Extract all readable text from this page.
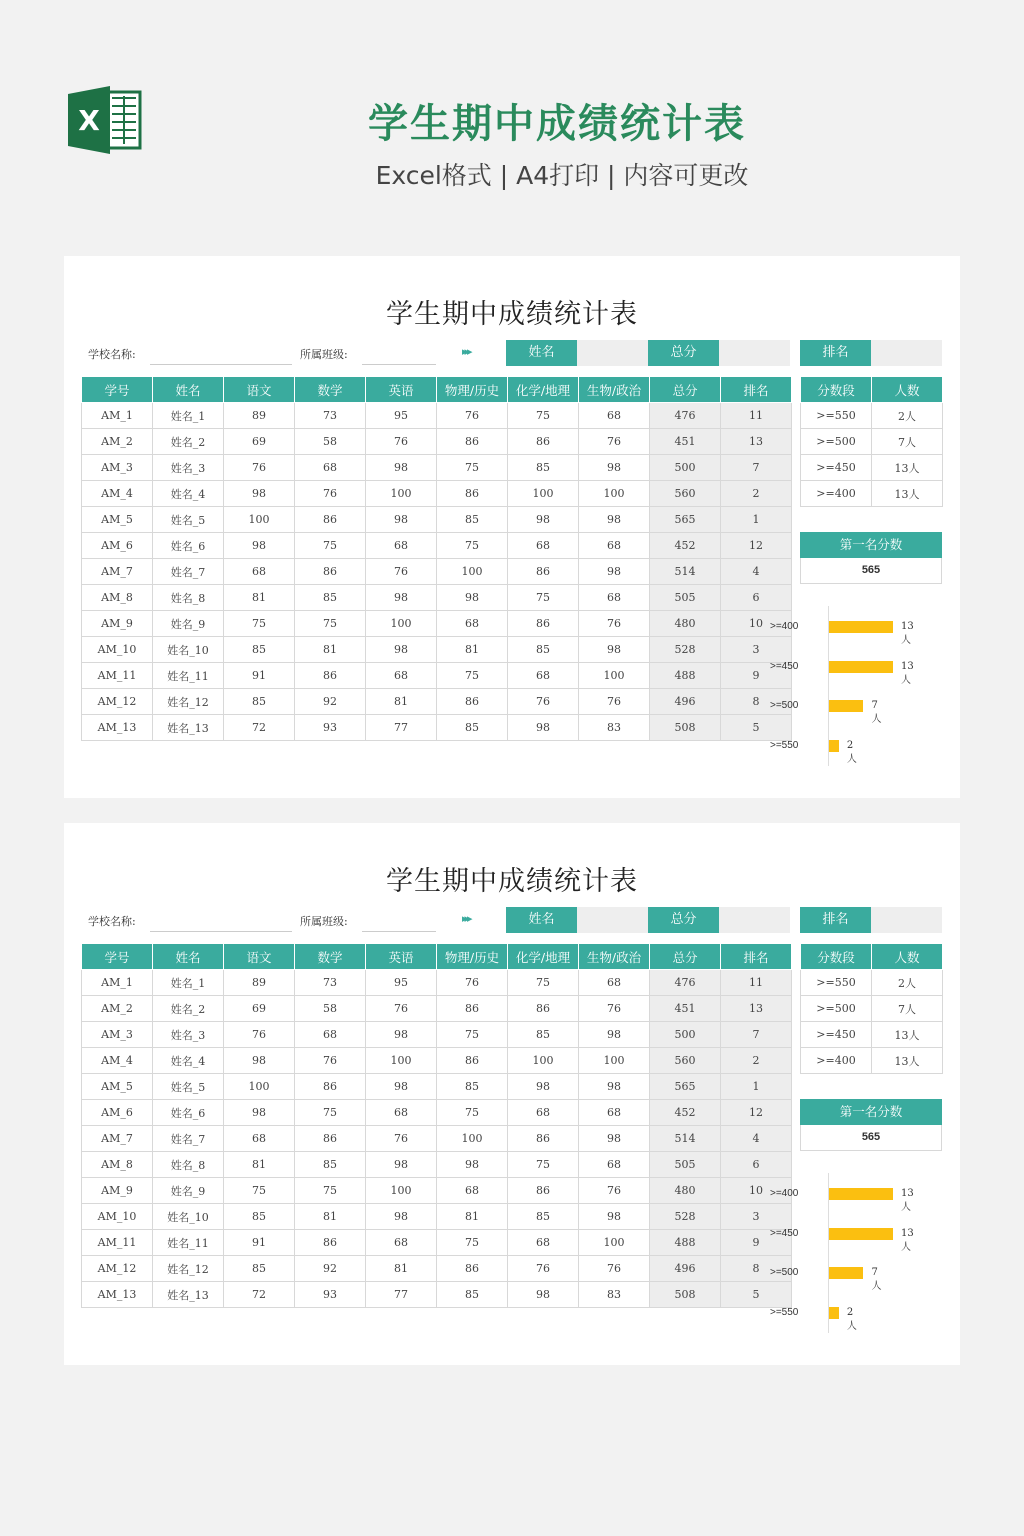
X	学生期中成绩统计表
Excel格式 | A4打印 | 内容可更改
学生期中成绩统计表
学校名称:	所属班级:	▸▸▸	姓名	总分	排名
学号	姓名	语文	数学	英语	物理/历史	化学/地理	生物/政治	总分	排名
AM_1	姓名_1	89	73	95	76	75	68	476	11
AM_2	姓名_2	69	58	76	86	86	76	451	13
AM_3	姓名_3	76	68	98	75	85	98	500	7
AM_4	姓名_4	98	76	100	86	100	100	560	2
AM_5	姓名_5	100	86	98	85	98	98	565	1
AM_6	姓名_6	98	75	68	75	68	68	452	12
AM_7	姓名_7	68	86	76	100	86	98	514	4
AM_8	姓名_8	81	85	98	98	75	68	505	6
AM_9	姓名_9	75	75	100	68	86	76	480	10
AM_10	姓名_10	85	81	98	81	85	98	528	3
AM_11	姓名_11	91	86	68	75	68	100	488	9
AM_12	姓名_12	85	92	81	86	76	76	496	8
AM_13	姓名_13	72	93	77	85	98	83	508	5
分数段	人数
>=550	2人
>=500	7人
>=450	13人
>=400	13人
第一名分数
565
>=400	13人
>=450	13人
>=500	7人
>=550	2人
学生期中成绩统计表
学校名称:	所属班级:	▸▸▸	姓名	总分	排名
学号	姓名	语文	数学	英语	物理/历史	化学/地理	生物/政治	总分	排名
AM_1	姓名_1	89	73	95	76	75	68	476	11
AM_2	姓名_2	69	58	76	86	86	76	451	13
AM_3	姓名_3	76	68	98	75	85	98	500	7
AM_4	姓名_4	98	76	100	86	100	100	560	2
AM_5	姓名_5	100	86	98	85	98	98	565	1
AM_6	姓名_6	98	75	68	75	68	68	452	12
AM_7	姓名_7	68	86	76	100	86	98	514	4
AM_8	姓名_8	81	85	98	98	75	68	505	6
AM_9	姓名_9	75	75	100	68	86	76	480	10
AM_10	姓名_10	85	81	98	81	85	98	528	3
AM_11	姓名_11	91	86	68	75	68	100	488	9
AM_12	姓名_12	85	92	81	86	76	76	496	8
AM_13	姓名_13	72	93	77	85	98	83	508	5
分数段	人数
>=550	2人
>=500	7人
>=450	13人
>=400	13人
第一名分数
565
>=400	13人
>=450	13人
>=500	7人
>=550	2人
